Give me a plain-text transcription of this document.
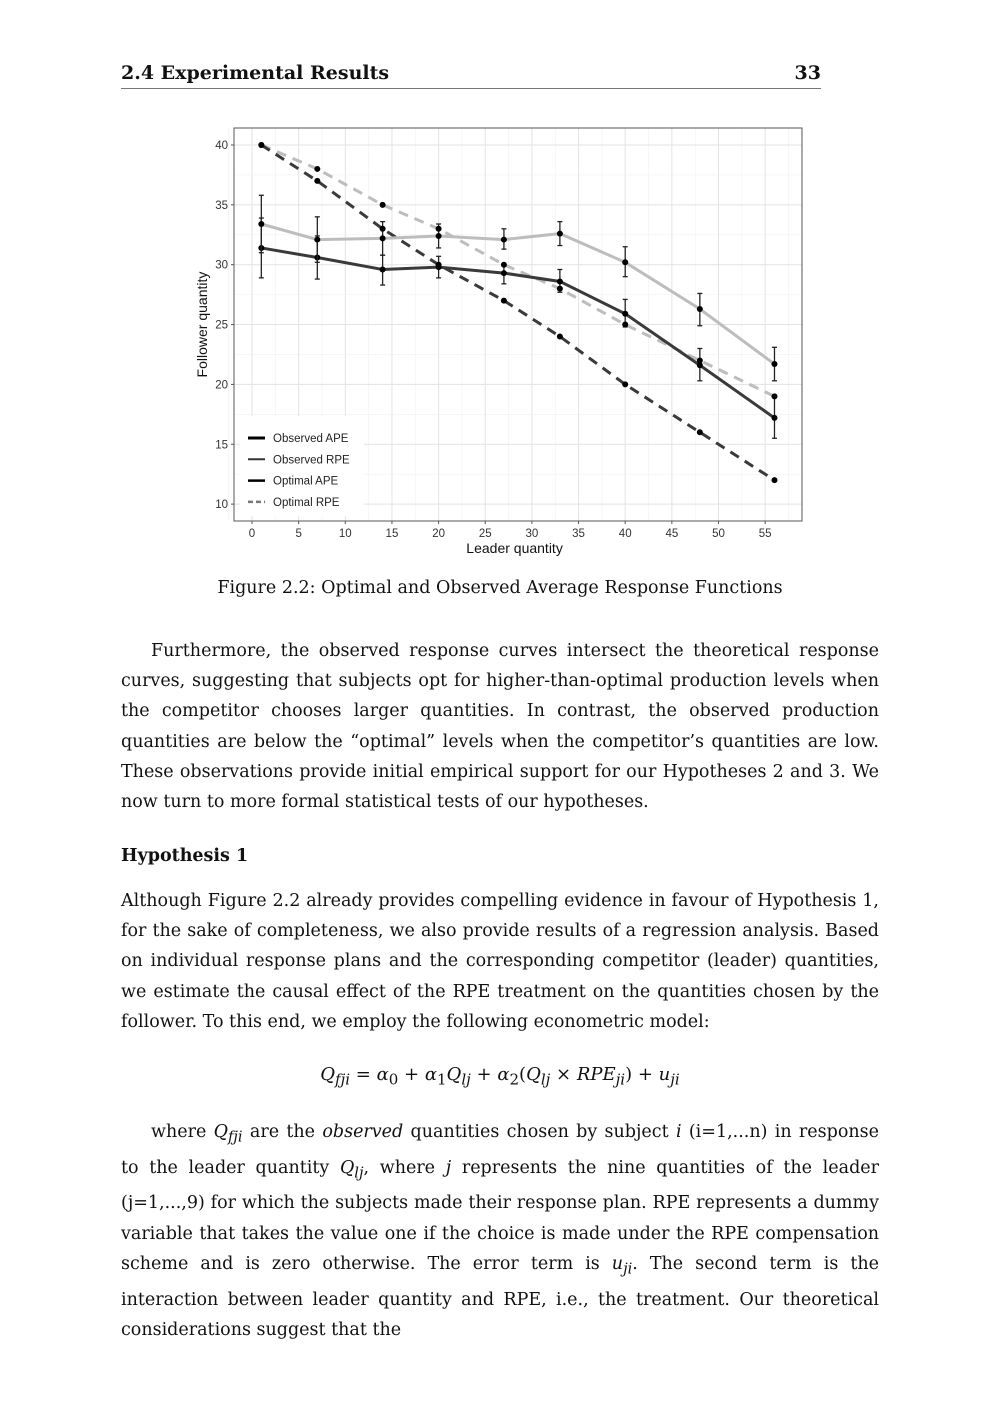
2.4 Experimental Results	33
0	5	10	15	20	25	30	35	40	45	50	55
10
15
20
25
30
35
40
Leader quantity
Follower quantity
Observed APE
Observed RPE
Optimal APE
Optimal RPE
Figure 2.2: Optimal and Observed Average Response Functions

Furthermore, the observed response curves intersect the theoretical response curves, suggesting that subjects opt for higher-than-optimal production levels when the competitor chooses larger quantities. In contrast, the observed production quantities are below the “optimal” levels when the competitor’s quantities are low. These observations provide initial empirical support for our Hypotheses 2 and 3. We now turn to more formal statistical tests of our hypotheses.

Hypothesis 1

Although Figure 2.2 already provides compelling evidence in favour of Hypothesis 1, for the sake of completeness, we also provide results of a regression analysis. Based on individual response plans and the corresponding competitor (leader) quantities, we estimate the causal effect of the RPE treatment on the quantities chosen by the follower. To this end, we employ the following econometric model:

$Q_{fji} = \alpha_0 + \alpha_1Q_{lj} + \alpha_2(Q_{lj} \times RPE_{ji}) + u_{ji}$

where $Q_{fji}$ are the observed quantities chosen by subject i (i=1,...n) in response to the leader quantity $Q_{lj}$, where j represents the nine quantities of the leader (j=1,...,9) for which the subjects made their response plan. RPE represents a dummy variable that takes the value one if the choice is made under the RPE compensation scheme and is zero otherwise. The error term is $u_{ji}$. The second term is the interaction between leader quantity and RPE, i.e., the treatment. Our theoretical considerations suggest that the
